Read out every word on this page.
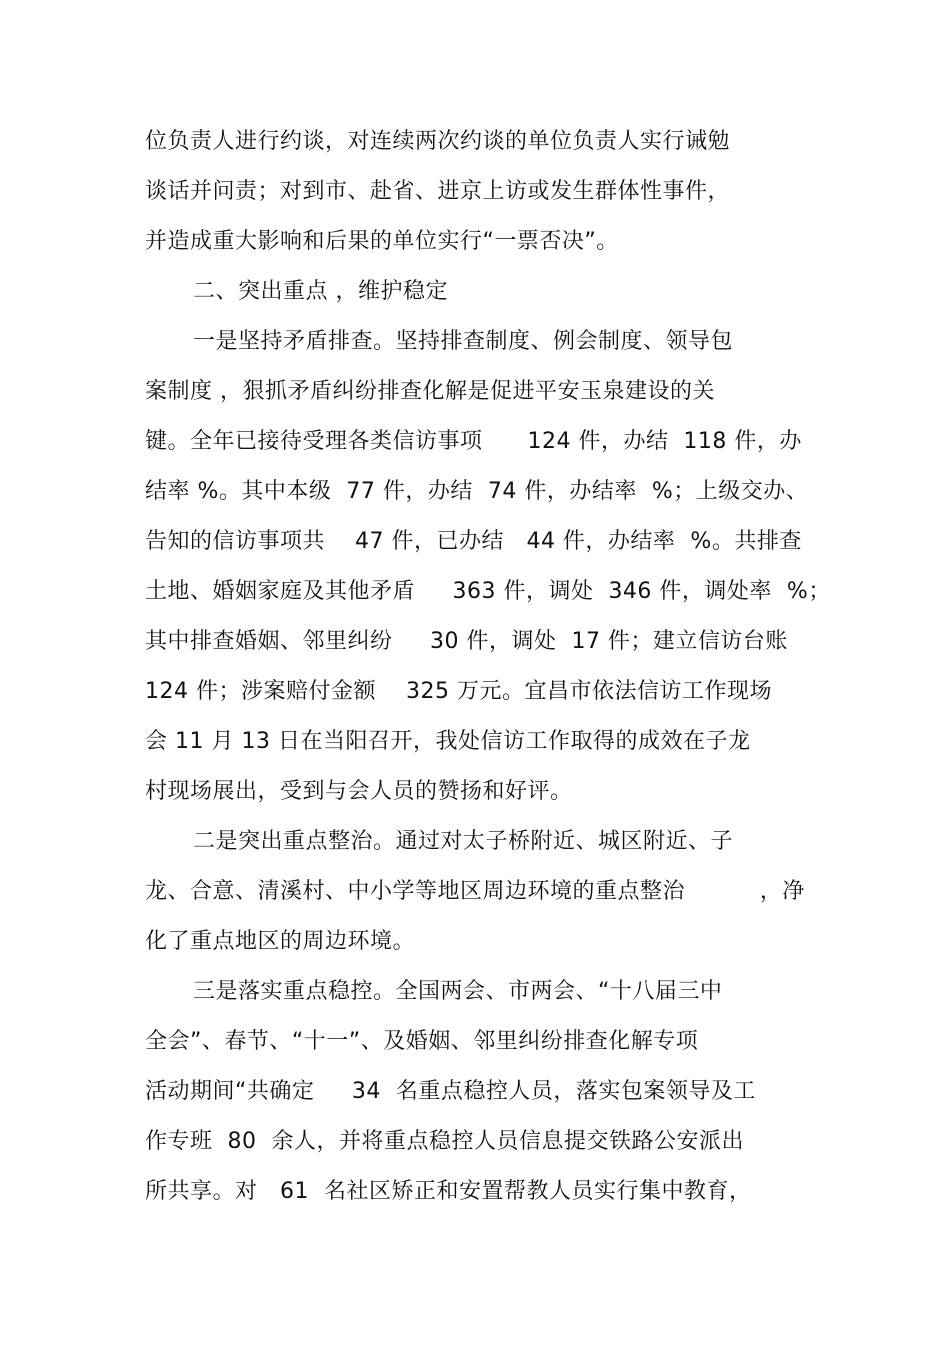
位负责人进行约谈，对连续两次约谈的单位负责人实行诫勉
谈话并问责；对到市、赴省、进京上访或发生群体性事件，
并造成重大影响和后果的单位实行“一票否决”。
二、突出重点 ，维护稳定
一是坚持矛盾排查。坚持排查制度、例会制度、领导包
案制度 ，狠抓矛盾纠纷排查化解是促进平安玉泉建设的关
键。全年已接待受理各类信访事项      124 件，办结  118 件，办
结率 %。其中本级  77 件，办结  74 件，办结率  %；上级交办、
告知的信访事项共    47 件，已办结   44 件，办结率  %。共排查
土地、婚姻家庭及其他矛盾     363 件，调处  346 件，调处率  %；
其中排查婚姻、邻里纠纷     30 件，调处  17 件；建立信访台账
124 件；涉案赔付金额    325 万元。宜昌市依法信访工作现场
会 11 月 13 日在当阳召开，我处信访工作取得的成效在子龙
村现场展出，受到与会人员的赞扬和好评。
二是突出重点整治。通过对太子桥附近、城区附近、子
龙、合意、清溪村、中小学等地区周边环境的重点整治          ，净
化了重点地区的周边环境。
三是落实重点稳控。全国两会、市两会、“十八届三中
全会”、春节、“十一”、及婚姻、邻里纠纷排查化解专项
活动期间“共确定     34  名重点稳控人员，落实包案领导及工
作专班  80  余人，并将重点稳控人员信息提交铁路公安派出
所共享。对   61  名社区矫正和安置帮教人员实行集中教育，
